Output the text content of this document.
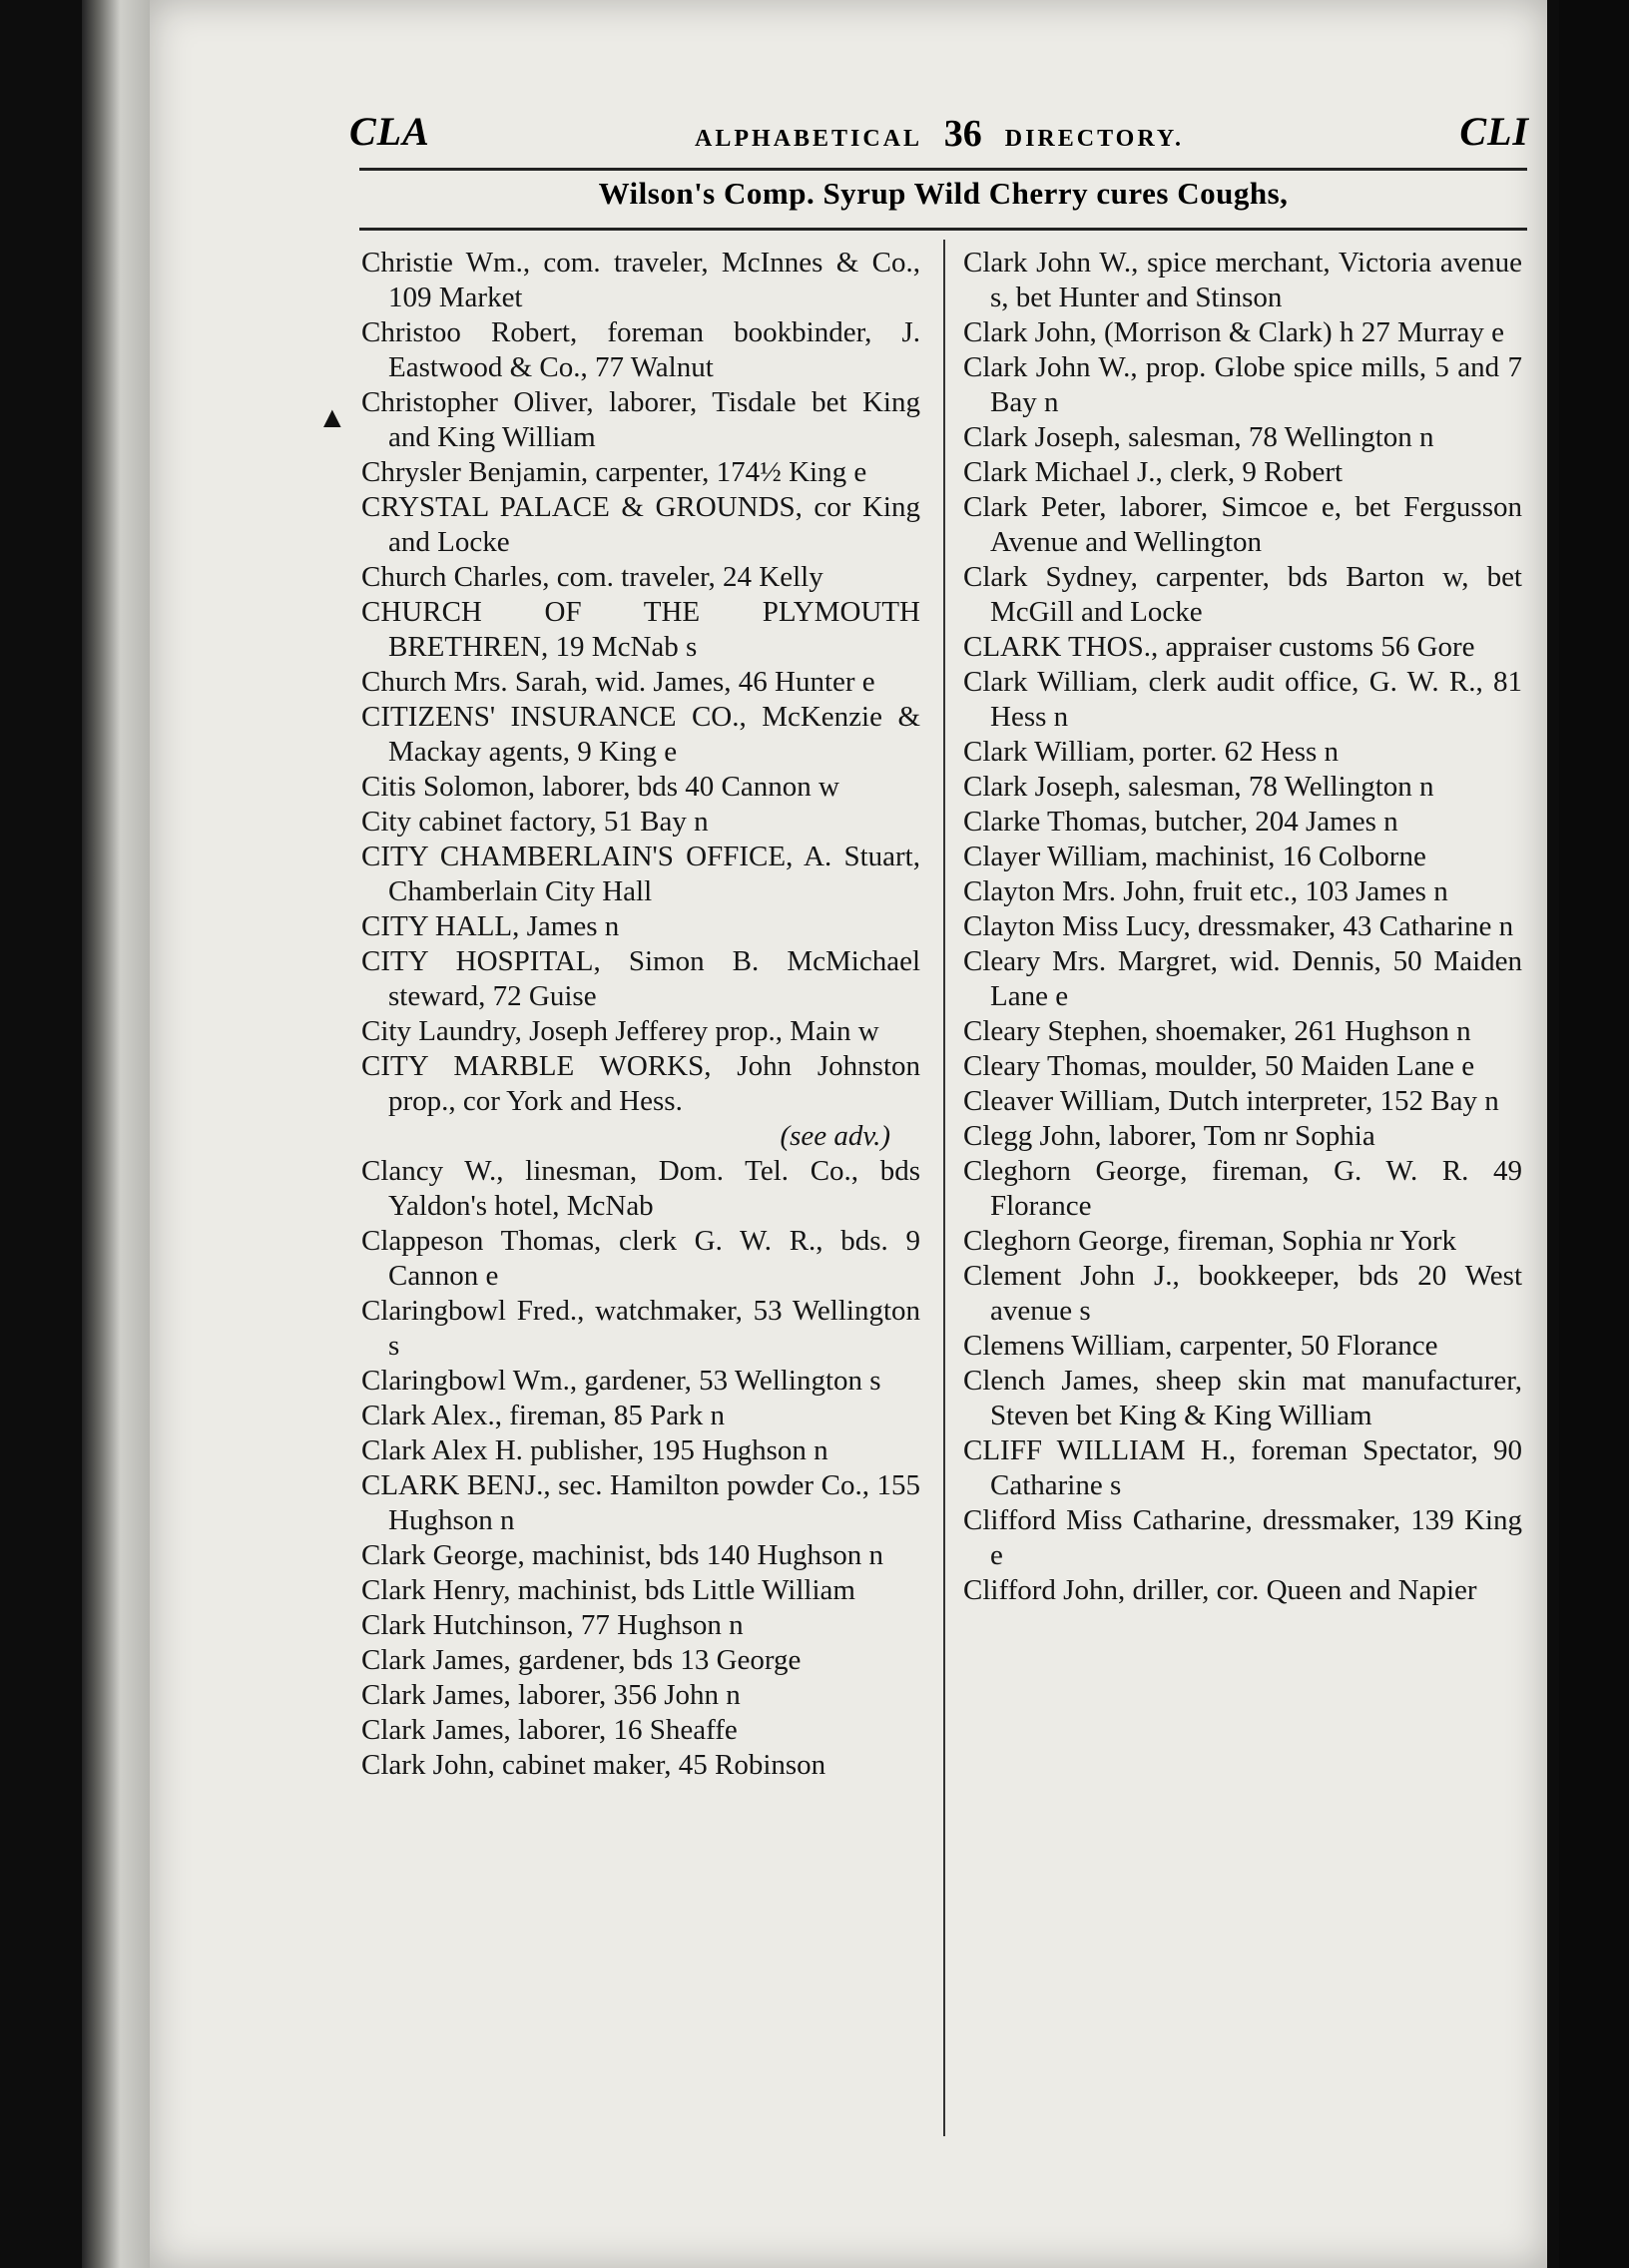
CLA	ALPHABETICAL 36 DIRECTORY.	CLI
Wilson's Comp. Syrup Wild Cherry cures Coughs,
▲
Christie Wm., com. traveler, McInnes & Co., 109 Market
Christoo Robert, foreman bookbinder, J. Eastwood & Co., 77 Walnut
Christopher Oliver, laborer, Tisdale bet King and King William
Chrysler Benjamin, carpenter, 174½ King e
CRYSTAL PALACE & GROUNDS, cor King and Locke
Church Charles, com. traveler, 24 Kelly
CHURCH OF THE PLYMOUTH BRETHREN, 19 McNab s
Church Mrs. Sarah, wid. James, 46 Hunter e
CITIZENS' INSURANCE CO., McKenzie & Mackay agents, 9 King e
Citis Solomon, laborer, bds 40 Cannon w
City cabinet factory, 51 Bay n
CITY CHAMBERLAIN'S OFFICE, A. Stuart, Chamberlain City Hall
CITY HALL, James n
CITY HOSPITAL, Simon B. McMichael steward, 72 Guise
City Laundry, Joseph Jefferey prop., Main w
CITY MARBLE WORKS, John Johnston prop., cor York and Hess.
(see adv.)
Clancy W., linesman, Dom. Tel. Co., bds Yaldon's hotel, McNab
Clappeson Thomas, clerk G. W. R., bds. 9 Cannon e
Claringbowl Fred., watchmaker, 53 Wellington s
Claringbowl Wm., gardener, 53 Wellington s
Clark Alex., fireman, 85 Park n
Clark Alex H. publisher, 195 Hughson n
CLARK BENJ., sec. Hamilton powder Co., 155 Hughson n
Clark George, machinist, bds 140 Hughson n
Clark Henry, machinist, bds Little William
Clark Hutchinson, 77 Hughson n
Clark James, gardener, bds 13 George
Clark James, laborer, 356 John n
Clark James, laborer, 16 Sheaffe
Clark John, cabinet maker, 45 Robinson
Clark John W., spice merchant, Victoria avenue s, bet Hunter and Stinson
Clark John, (Morrison & Clark) h 27 Murray e
Clark John W., prop. Globe spice mills, 5 and 7 Bay n
Clark Joseph, salesman, 78 Wellington n
Clark Michael J., clerk, 9 Robert
Clark Peter, laborer, Simcoe e, bet Fergusson Avenue and Wellington
Clark Sydney, carpenter, bds Barton w, bet McGill and Locke
CLARK THOS., appraiser customs 56 Gore
Clark William, clerk audit office, G. W. R., 81 Hess n
Clark William, porter. 62 Hess n
Clark Joseph, salesman, 78 Wellington n
Clarke Thomas, butcher, 204 James n
Clayer William, machinist, 16 Colborne
Clayton Mrs. John, fruit etc., 103 James n
Clayton Miss Lucy, dressmaker, 43 Catharine n
Cleary Mrs. Margret, wid. Dennis, 50 Maiden Lane e
Cleary Stephen, shoemaker, 261 Hughson n
Cleary Thomas, moulder, 50 Maiden Lane e
Cleaver William, Dutch interpreter, 152 Bay n
Clegg John, laborer, Tom nr Sophia
Cleghorn George, fireman, G. W. R. 49 Florance
Cleghorn George, fireman, Sophia nr York
Clement John J., bookkeeper, bds 20 West avenue s
Clemens William, carpenter, 50 Florance
Clench James, sheep skin mat manufacturer, Steven bet King & King William
CLIFF WILLIAM H., foreman Spectator, 90 Catharine s
Clifford Miss Catharine, dressmaker, 139 King e
Clifford John, driller, cor. Queen and Napier
